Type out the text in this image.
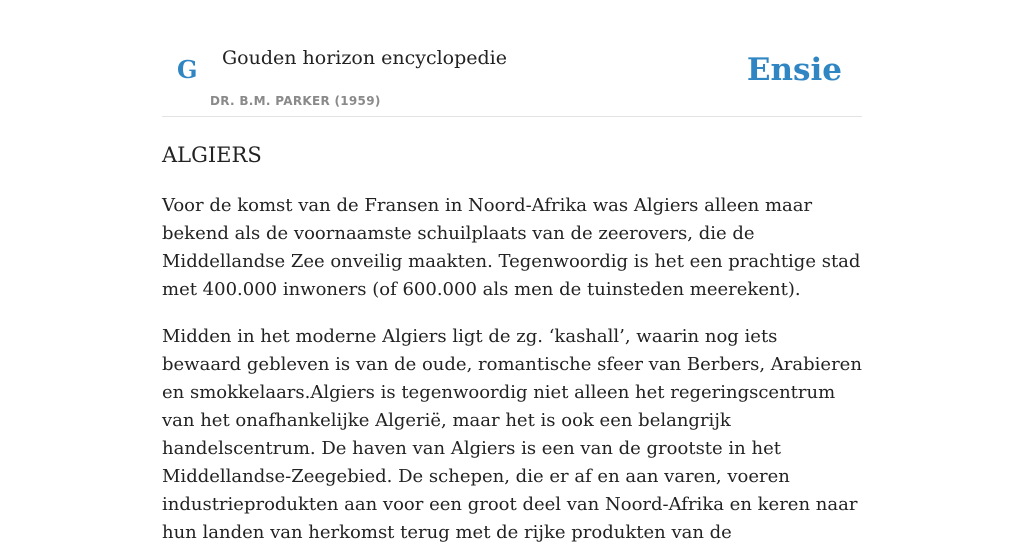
G Gouden horizon encyclopedie
DR. B.M. PARKER (1959)
Ensie
ALGIERS

Voor de komst van de Fransen in Noord-Afrika was Algiers alleen maar bekend als de voornaamste schuilplaats van de zeerovers, die de Middellandse Zee onveilig maakten. Tegenwoordig is het een prachtige stad met 400.000 inwoners (of 600.000 als men de tuinsteden meerekent).

Midden in het moderne Algiers ligt de zg. ‘kashall’, waarin nog iets bewaard gebleven is van de oude, romantische sfeer van Berbers, Arabieren en smokkelaars.Algiers is tegenwoordig niet alleen het regeringscentrum van het onafhankelijke Algerië, maar het is ook een belangrijk handelscentrum. De haven van Algiers is een van de grootste in het Middellandse-Zeegebied. De schepen, die er af en aan varen, voeren industrieprodukten aan voor een groot deel van Noord-Afrika en keren naar hun landen van herkomst terug met de rijke produkten van de
